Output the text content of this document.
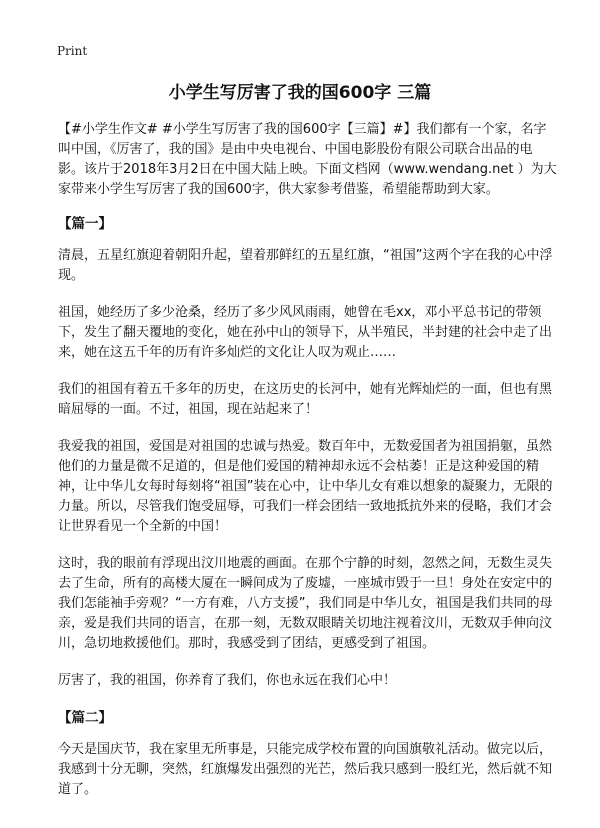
Print
小学生写厉害了我的国600字 三篇

【#小学生作文# #小学生写厉害了我的国600字【三篇】#】我们都有一个家，名字叫中国，《厉害了，我的国》是由中央电视台、中国电影股份有限公司联合出品的电影。该片于2018年3月2日在中国大陆上映。下面文档网（www.wendang.net ）为大家带来小学生写厉害了我的国600字，供大家参考借鉴，希望能帮助到大家。

【篇一】

清晨，五星红旗迎着朝阳升起，望着那鲜红的五星红旗，“祖国”这两个字在我的心中浮现。

祖国，她经历了多少沧桑，经历了多少风风雨雨，她曾在毛xx，邓小平总书记的带领下，发生了翻天覆地的变化，她在孙中山的领导下，从半殖民，半封建的社会中走了出来，她在这五千年的历有许多灿烂的文化让人叹为观止……

我们的祖国有着五千多年的历史，在这历史的长河中，她有光辉灿烂的一面，但也有黑暗屈辱的一面。不过，祖国，现在站起来了！

我爱我的祖国，爱国是对祖国的忠诚与热爱。数百年中，无数爱国者为祖国捐躯，虽然他们的力量是微不足道的，但是他们爱国的精神却永远不会枯萎！正是这种爱国的精神，让中华儿女每时每刻将“祖国”装在心中，让中华儿女有难以想象的凝聚力，无限的力量。所以，尽管我们饱受屈辱，可我们一样会团结一致地抵抗外来的侵略，我们才会让世界看见一个全新的中国！

这时，我的眼前有浮现出汶川地震的画面。在那个宁静的时刻，忽然之间，无数生灵失去了生命，所有的高楼大厦在一瞬间成为了废墟，一座城市毁于一旦！身处在安定中的我们怎能袖手旁观？“一方有难，八方支援”，我们同是中华儿女，祖国是我们共同的母亲，爱是我们共同的语言，在那一刻，无数双眼睛关切地注视着汶川，无数双手伸向汶川，急切地救援他们。那时，我感受到了团结，更感受到了祖国。

厉害了，我的祖国，你养育了我们，你也永远在我们心中！

【篇二】

今天是国庆节，我在家里无所事是，只能完成学校布置的向国旗敬礼活动。做完以后，我感到十分无聊，突然，红旗爆发出强烈的光芒，然后我只感到一股红光，然后就不知道了。
